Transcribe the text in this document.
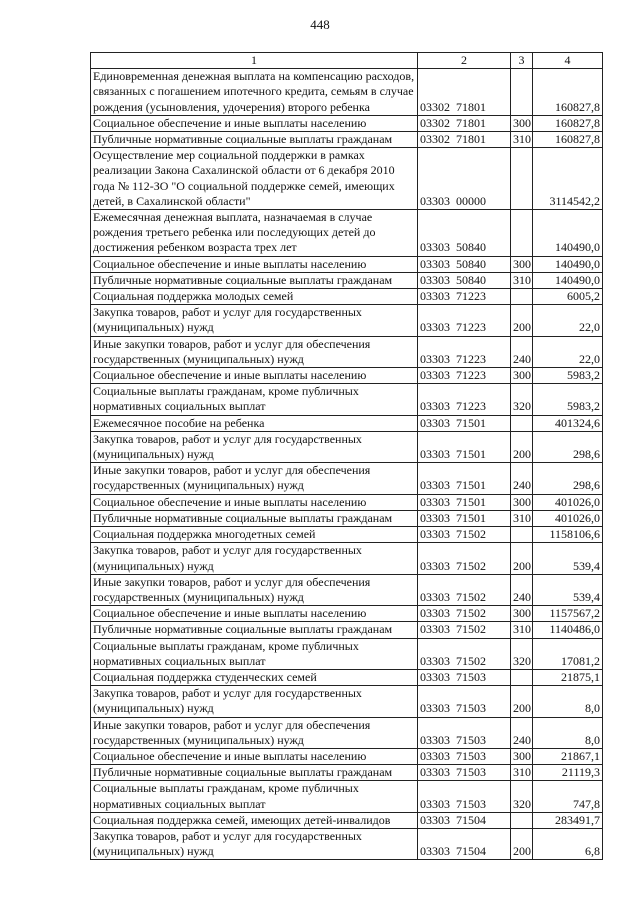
448
1	2	3	4
Единовременная денежная выплата на компенсацию расходов, связанных с погашением ипотечного кредита, семьям в случае рождения (усыновления, удочерения) второго ребенка	03302  71801		160827,8
Социальное обеспечение и иные выплаты населению	03302  71801	300	160827,8
Публичные нормативные социальные выплаты гражданам	03302  71801	310	160827,8
Осуществление мер социальной поддержки в рамках реализации Закона Сахалинской области от 6 декабря 2010 года № 112-ЗО "О социальной поддержке семей, имеющих детей, в Сахалинской области"	03303  00000		3114542,2
Ежемесячная денежная выплата, назначаемая в случае рождения третьего ребенка или последующих детей до достижения ребенком возраста трех лет	03303  50840		140490,0
Социальное обеспечение и иные выплаты населению	03303  50840	300	140490,0
Публичные нормативные социальные выплаты гражданам	03303  50840	310	140490,0
Социальная поддержка молодых семей	03303  71223		6005,2
Закупка товаров, работ и услуг для государственных (муниципальных) нужд	03303  71223	200	22,0
Иные закупки товаров, работ и услуг для обеспечения государственных (муниципальных) нужд	03303  71223	240	22,0
Социальное обеспечение и иные выплаты населению	03303  71223	300	5983,2
Социальные выплаты гражданам, кроме публичных нормативных социальных выплат	03303  71223	320	5983,2
Ежемесячное пособие на ребенка	03303  71501		401324,6
Закупка товаров, работ и услуг для государственных (муниципальных) нужд	03303  71501	200	298,6
Иные закупки товаров, работ и услуг для обеспечения государственных (муниципальных) нужд	03303  71501	240	298,6
Социальное обеспечение и иные выплаты населению	03303  71501	300	401026,0
Публичные нормативные социальные выплаты гражданам	03303  71501	310	401026,0
Социальная поддержка многодетных семей	03303  71502		1158106,6
Закупка товаров, работ и услуг для государственных (муниципальных) нужд	03303  71502	200	539,4
Иные закупки товаров, работ и услуг для обеспечения государственных (муниципальных) нужд	03303  71502	240	539,4
Социальное обеспечение и иные выплаты населению	03303  71502	300	1157567,2
Публичные нормативные социальные выплаты гражданам	03303  71502	310	1140486,0
Социальные выплаты гражданам, кроме публичных нормативных социальных выплат	03303  71502	320	17081,2
Социальная поддержка студенческих семей	03303  71503		21875,1
Закупка товаров, работ и услуг для государственных (муниципальных) нужд	03303  71503	200	8,0
Иные закупки товаров, работ и услуг для обеспечения государственных (муниципальных) нужд	03303  71503	240	8,0
Социальное обеспечение и иные выплаты населению	03303  71503	300	21867,1
Публичные нормативные социальные выплаты гражданам	03303  71503	310	21119,3
Социальные выплаты гражданам, кроме публичных нормативных социальных выплат	03303  71503	320	747,8
Социальная поддержка семей, имеющих детей-инвалидов	03303  71504		283491,7
Закупка товаров, работ и услуг для государственных (муниципальных) нужд	03303  71504	200	6,8
